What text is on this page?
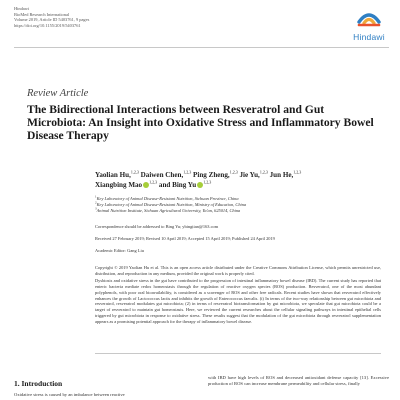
Hindawi
BioMed Research International
Volume 2019, Article ID 5403761, 9 pages
https://doi.org/10.1155/2019/5403761
Hindawi
Review Article
The Bidirectional Interactions between Resveratrol and Gut Microbiota: An Insight into Oxidative Stress and Inflammatory Bowel Disease Therapy
Yaolian Hu,$^{1,2,3}$ Daiwen Chen,$^{1,2,3}$ Ping Zheng,$^{1,2,3}$ Jie Yu,$^{1,2,3}$ Jun He,$^{1,2,3}$
Xiangbing Mao $^{1,2,3}$ and Bing Yu $^{1,2,3}$
$^1$Key Laboratory of Animal Disease-Resistant Nutrition, Sichuan Province, China
$^2$Key Laboratory of Animal Disease-Resistant Nutrition, Ministry of Education, China
$^3$Animal Nutrition Institute, Sichuan Agricultural University, Ya'an, 625014, China
Correspondence should be addressed to Bing Yu; ybingtian@163.com
Received 27 February 2019; Revised 10 April 2019; Accepted 15 April 2019; Published 24 April 2019
Academic Editor: Gang Liu

Copyright © 2019 Yaolian Hu et al. This is an open access article distributed under the Creative Commons Attribution License, which permits unrestricted use, distribution, and reproduction in any medium, provided the original work is properly cited.

Dysbiosis and oxidative stress in the gut have contributed to the progression of intestinal inflammatory bowel disease (IBD). The current study has reported that enteric bacteria mediate redox homeostasis through the regulation of reactive oxygen species (ROS) production. Resveratrol, one of the most abundant polyphenols, with poor oral bioavailability, is considered as a scavenger of ROS and other free radicals. Recent studies have shown that resveratrol effectively enhances the growth of Lactococcus lactis and inhibits the growth of Enterococcus faecalis. (i) In terms of the two-way relationship between gut microbiota and resveratrol, resveratrol modulates gut microbiota; (2) in terms of resveratrol biotransformation by gut microbiota, we speculate that gut microbiota could be a target of resveratrol to maintain gut homeostasis. Here, we reviewed the current researches about the cellular signaling pathways in intestinal epithelial cells triggered by gut microbiota in response to oxidative stress. These results suggest that the modulation of the gut microbiota through resveratrol supplementation appears as a promising potential approach for the therapy of inflammatory bowel disease.

1. Introduction
Oxidative stress is caused by an imbalance between reactive
with IBD have high levels of ROS and decreased antioxidant defense capacity [13]. Excessive production of ROS can increase membrane permeability and cellular stress, finally
